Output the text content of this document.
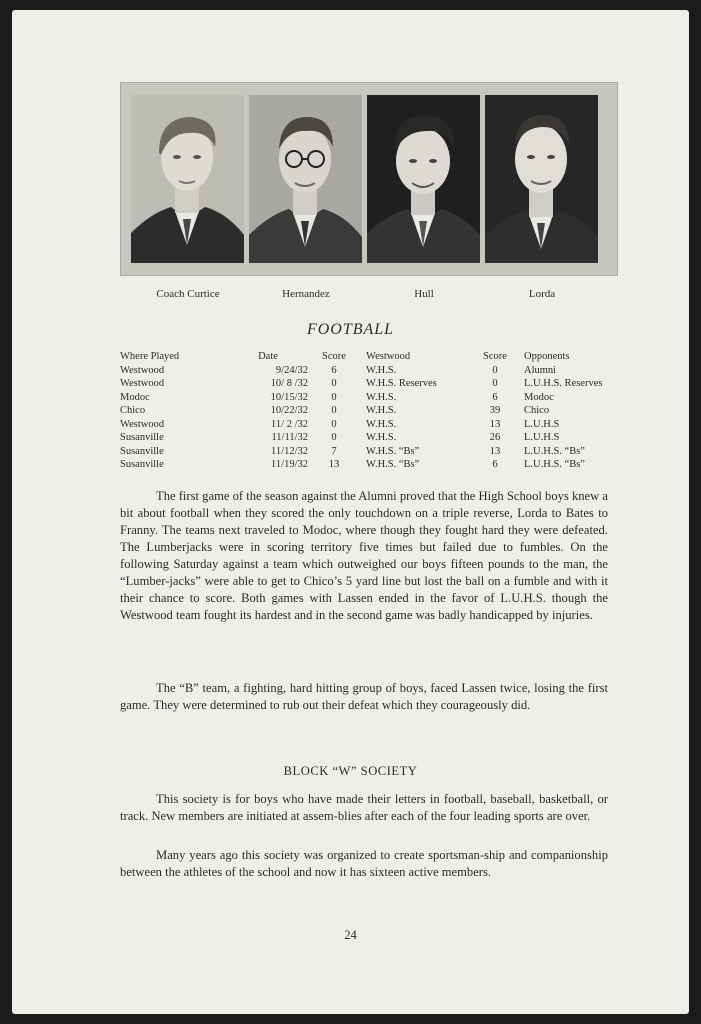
Coach Curtice	Hernandez	Hull	Lorda
FOOTBALL
Where Played	Date	Score	Westwood	Score	Opponents
Westwood	9/24/32	6	W.H.S.	0	Alumni
Westwood	10/ 8 /32	0	W.H.S. Reserves	0	L.U.H.S. Reserves
Modoc	10/15/32	0	W.H.S.	6	Modoc
Chico	10/22/32	0	W.H.S.	39	Chico
Westwood	11/ 2 /32	0	W.H.S.	13	L.U.H.S
Susanville	11/11/32	0	W.H.S.	26	L.U.H.S
Susanville	11/12/32	7	W.H.S. “Bs”	13	L.U.H.S. “Bs”
Susanville	11/19/32	13	W.H.S. “Bs”	6	L.U.H.S. “Bs”

The first game of the season against the Alumni proved that the High School boys knew a bit about football when they scored the only touchdown on a triple reverse, Lorda to Bates to Franny. The teams next traveled to Modoc, where though they fought hard they were defeated. The Lumberjacks were in scoring territory five times but failed due to fumbles. On the following Saturday against a team which outweighed our boys fifteen pounds to the man, the “Lumber-jacks” were able to get to Chico’s 5 yard line but lost the ball on a fumble and with it their chance to score. Both games with Lassen ended in the favor of L.U.H.S. though the Westwood team fought its hardest and in the second game was badly handicapped by injuries.

The “B” team, a fighting, hard hitting group of boys, faced Lassen twice, losing the first game. They were determined to rub out their defeat which they courageously did.

BLOCK “W” SOCIETY

This society is for boys who have made their letters in football, baseball, basketball, or track. New members are initiated at assem-blies after each of the four leading sports are over.

Many years ago this society was organized to create sportsman-ship and companionship between the athletes of the school and now it has sixteen active members.

24
